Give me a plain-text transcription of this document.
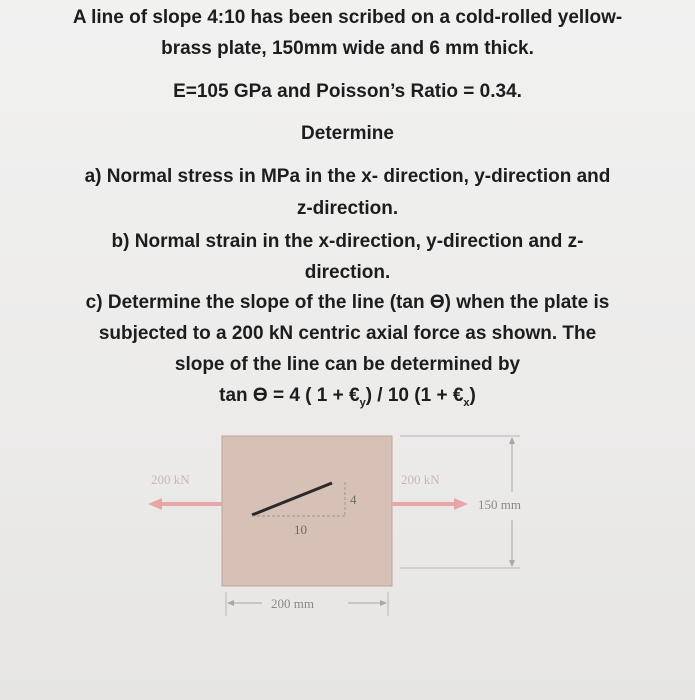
A line of slope 4:10 has been scribed on a cold-rolled yellow-
brass plate, 150mm wide and 6 mm thick.
E=105 GPa and Poisson’s Ratio = 0.34.
Determine
a) Normal stress in MPa in the x- direction, y-direction and
z-direction.
b) Normal strain in the x-direction, y-direction and z-
direction.
c) Determine the slope of the line (tan ϴ) when the plate is
subjected to a 200 kN centric axial force as shown. The
slope of the line can be determined by
tan ϴ = 4 ( $1 + €_y) / 10$ $(1 + €_x)$
200 kN	200 kN
150 mm
200 mm
10
4
